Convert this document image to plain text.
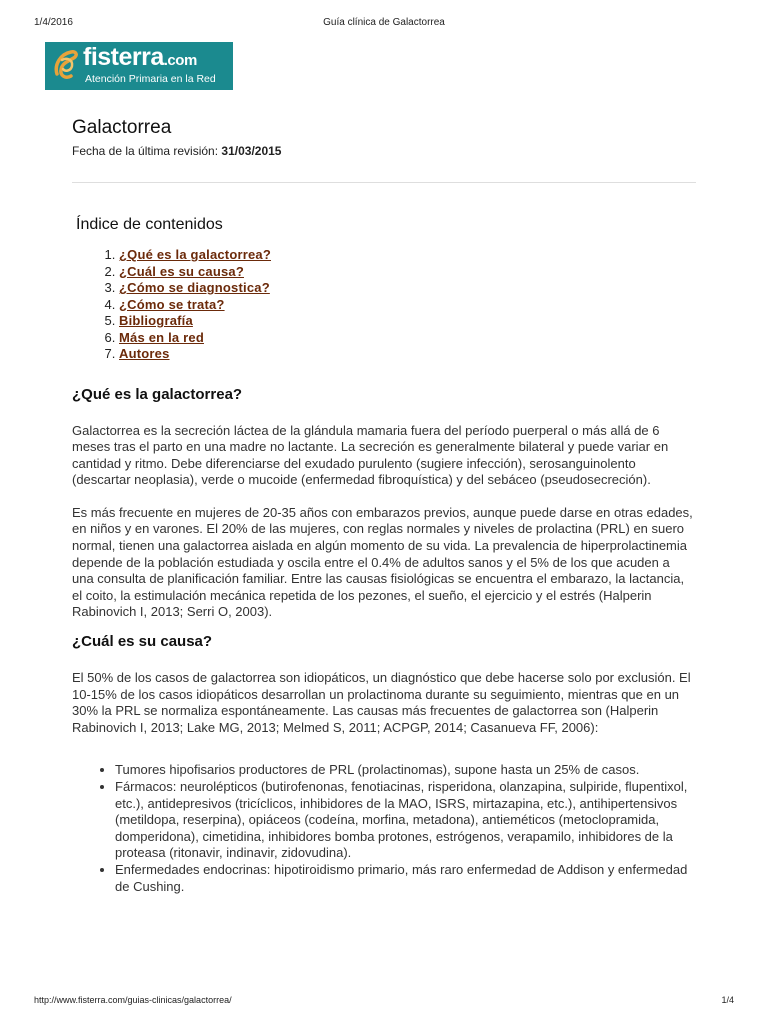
1/4/2016	Guía clínica de Galactorrea
fisterra.com
Atención Primaria en la Red
Galactorrea
Fecha de la última revisión: 31/03/2015
Índice de contenidos
1. ¿Qué es la galactorrea?
2. ¿Cuál es su causa?
3. ¿Cómo se diagnostica?
4. ¿Cómo se trata?
5. Bibliografía
6. Más en la red
7. Autores
¿Qué es la galactorrea?

Galactorrea es la secreción láctea de la glándula mamaria fuera del período puerperal o más allá de 6 meses tras el parto en una madre no lactante. La secreción es generalmente bilateral y puede variar en cantidad y ritmo. Debe diferenciarse del exudado purulento (sugiere infección), serosanguinolento (descartar neoplasia), verde o mucoide (enfermedad fibroquística) y del sebáceo (pseudosecreción).

Es más frecuente en mujeres de 20-35 años con embarazos previos, aunque puede darse en otras edades, en niños y en varones. El 20% de las mujeres, con reglas normales y niveles de prolactina (PRL) en suero normal, tienen una galactorrea aislada en algún momento de su vida. La prevalencia de hiperprolactinemia depende de la población estudiada y oscila entre el 0.4% de adultos sanos y el 5% de los que acuden a una consulta de planificación familiar. Entre las causas fisiológicas se encuentra el embarazo, la lactancia, el coito, la estimulación mecánica repetida de los pezones, el sueño, el ejercicio y el estrés (Halperin Rabinovich I, 2013; Serri O, 2003).

¿Cuál es su causa?

El 50% de los casos de galactorrea son idiopáticos, un diagnóstico que debe hacerse solo por exclusión. El 10-15% de los casos idiopáticos desarrollan un prolactinoma durante su seguimiento, mientras que en un 30% la PRL se normaliza espontáneamente. Las causas más frecuentes de galactorrea son (Halperin Rabinovich I, 2013; Lake MG, 2013; Melmed S, 2011; ACPGP, 2014; Casanueva FF, 2006):

• Tumores hipofisarios productores de PRL (prolactinomas), supone hasta un 25% de casos.
• Fármacos: neurolépticos (butirofenonas, fenotiacinas, risperidona, olanzapina, sulpiride, flupentixol, etc.), antidepresivos (tricíclicos, inhibidores de la MAO, ISRS, mirtazapina, etc.), antihipertensivos (metildopa, reserpina), opiáceos (codeína, morfina, metadona), antieméticos (metoclopramida, domperidona), cimetidina, inhibidores bomba protones, estrógenos, verapamilo, inhibidores de la proteasa (ritonavir, indinavir, zidovudina).
• Enfermedades endocrinas: hipotiroidismo primario, más raro enfermedad de Addison y enfermedad de Cushing.
http://www.fisterra.com/guias-clinicas/galactorrea/	1/4
